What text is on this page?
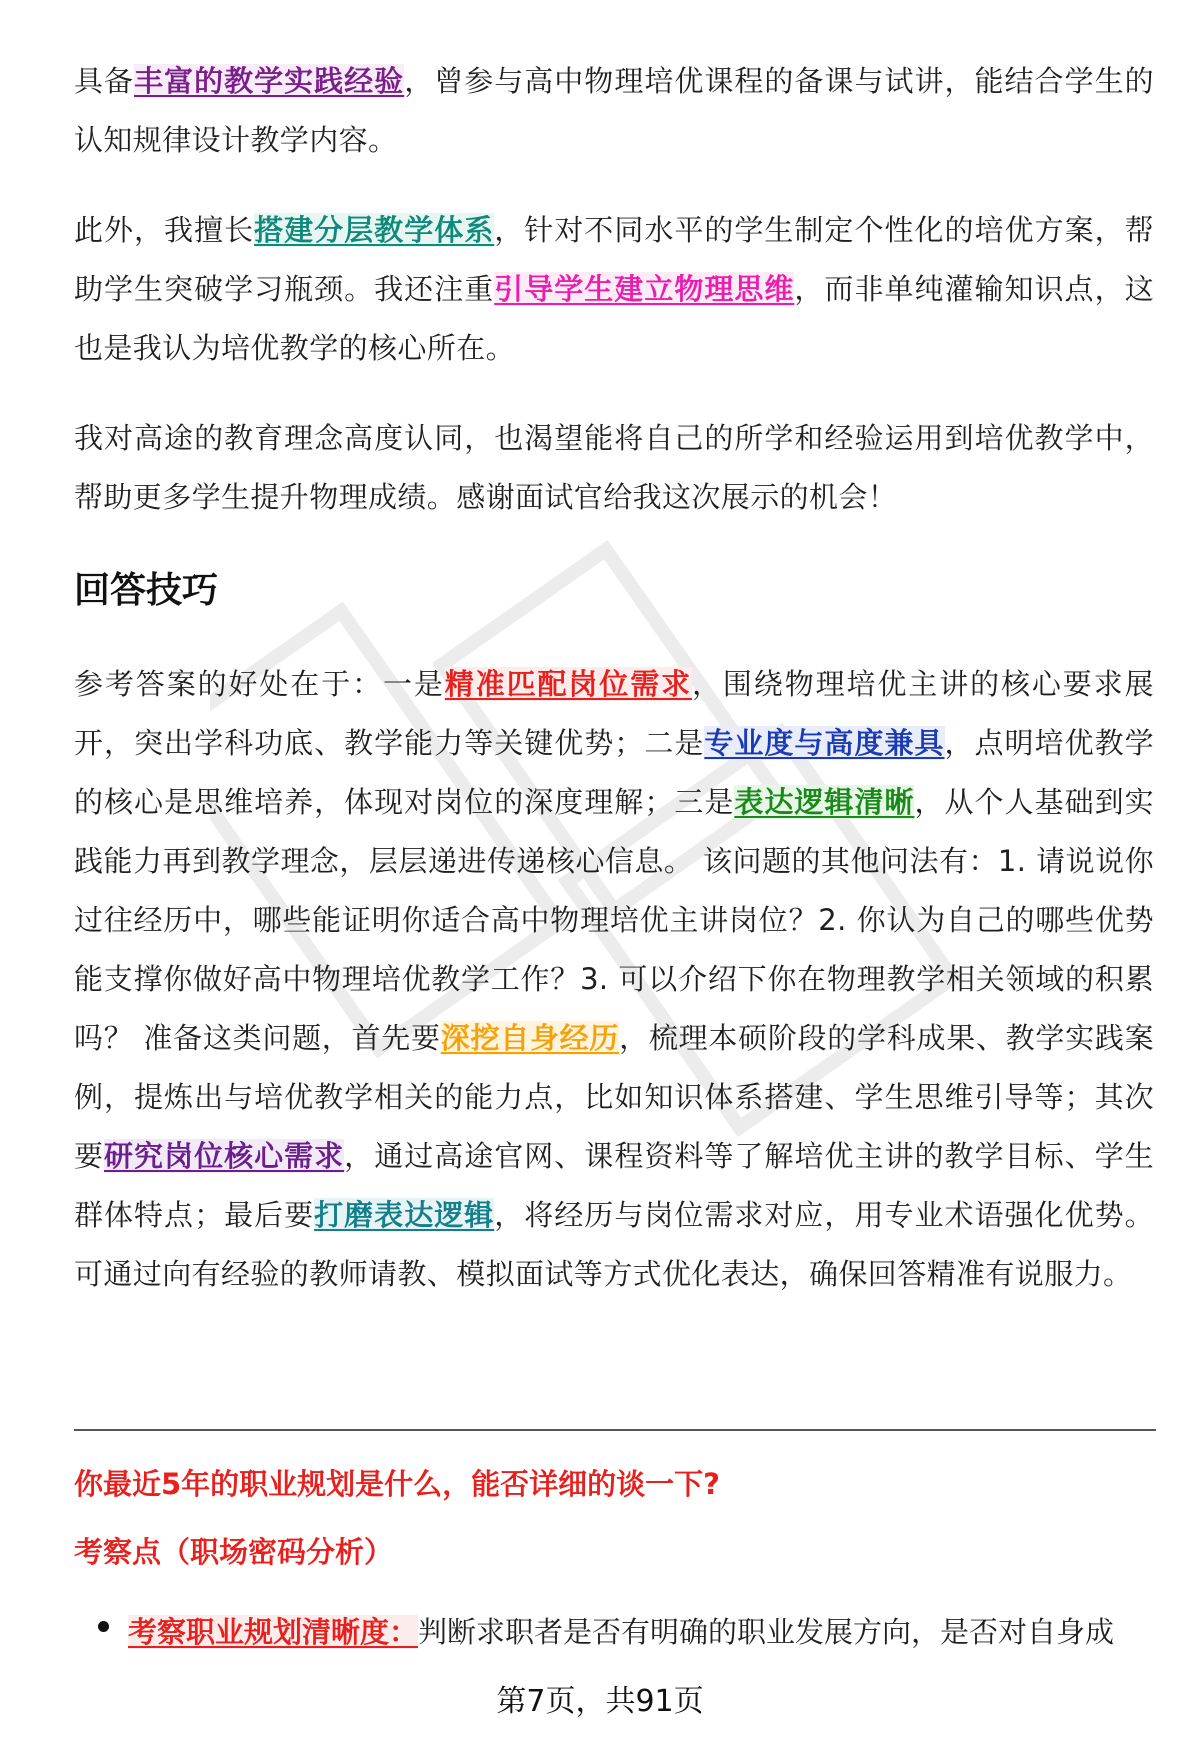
具备丰富的教学实践经验，曾参与高中物理培优课程的备课与试讲，能结合学生的认知规律设计教学内容。

此外，我擅长搭建分层教学体系，针对不同水平的学生制定个性化的培优方案，帮助学生突破学习瓶颈。我还注重引导学生建立物理思维，而非单纯灌输知识点，这也是我认为培优教学的核心所在。

我对高途的教育理念高度认同，也渴望能将自己的所学和经验运用到培优教学中，帮助更多学生提升物理成绩。感谢面试官给我这次展示的机会！

回答技巧

参考答案的好处在于：一是精准匹配岗位需求，围绕物理培优主讲的核心要求展开，突出学科功底、教学能力等关键优势；二是专业度与高度兼具，点明培优教学的核心是思维培养，体现对岗位的深度理解；三是表达逻辑清晰，从个人基础到实践能力再到教学理念，层层递进传递核心信息。 该问题的其他问法有：1. 请说说你过往经历中，哪些能证明你适合高中物理培优主讲岗位？2. 你认为自己的哪些优势能支撑你做好高中物理培优教学工作？3. 可以介绍下你在物理教学相关领域的积累吗？ 准备这类问题，首先要深挖自身经历，梳理本硕阶段的学科成果、教学实践案例，提炼出与培优教学相关的能力点，比如知识体系搭建、学生思维引导等；其次要研究岗位核心需求，通过高途官网、课程资料等了解培优主讲的教学目标、学生群体特点；最后要打磨表达逻辑，将经历与岗位需求对应，用专业术语强化优势。可通过向有经验的教师请教、模拟面试等方式优化表达，确保回答精准有说服力。

你最近5年的职业规划是什么，能否详细的谈一下?

考察点（职场密码分析）

考察职业规划清晰度：判断求职者是否有明确的职业发展方向，是否对自身成
第7页，共91页
